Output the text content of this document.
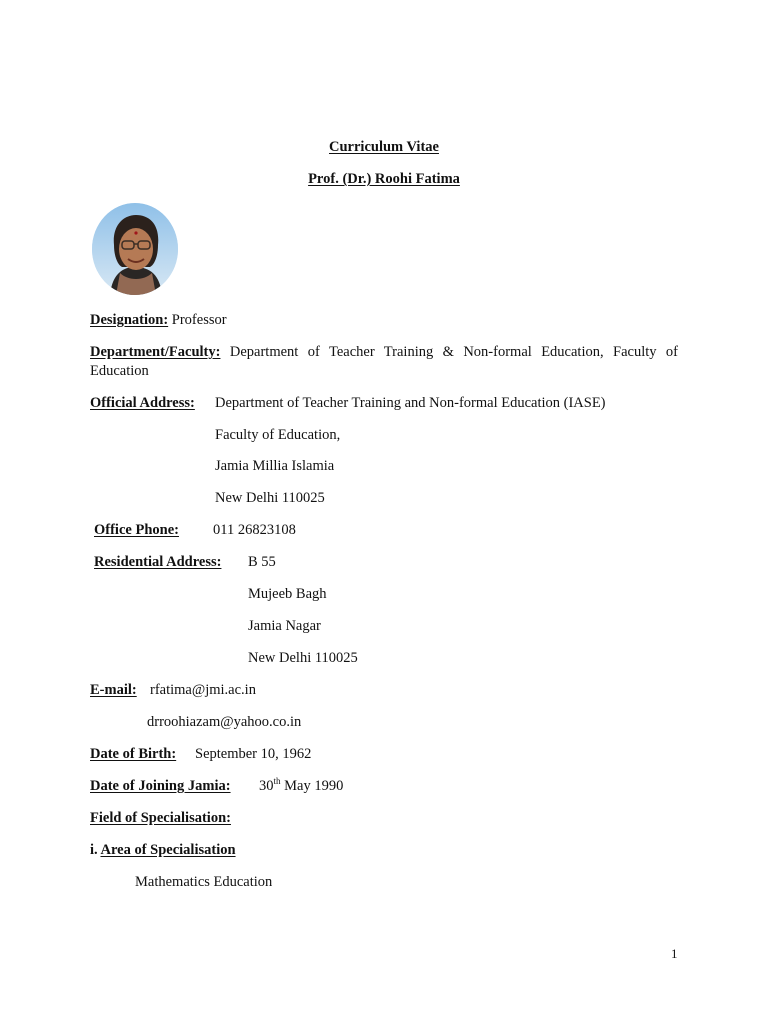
Curriculum Vitae
Prof. (Dr.) Roohi Fatima
Designation: Professor
Department/Faculty: Department of Teacher Training & Non-formal Education, Faculty of Education
Official Address: Department of Teacher Training and Non-formal Education (IASE)
Faculty of Education,
Jamia Millia Islamia
New Delhi 110025
Office Phone: 011 26823108
Residential Address: B 55
Mujeeb Bagh
Jamia Nagar
New Delhi 110025
E-mail: rfatima@jmi.ac.in
drroohiazam@yahoo.co.in
Date of Birth: September 10, 1962
Date of Joining Jamia: 30th May 1990
Field of Specialisation:
i. Area of Specialisation
Mathematics Education
1
